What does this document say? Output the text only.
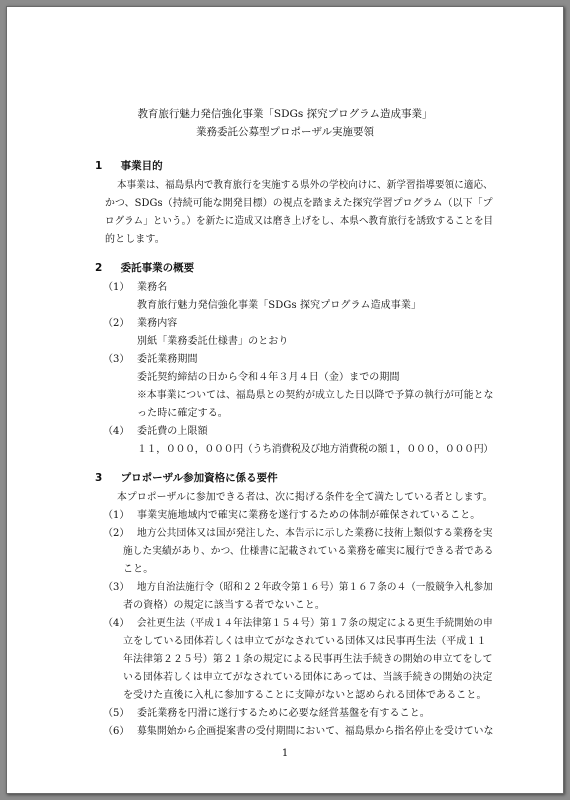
教育旅行魅力発信強化事業「SDGs 探究プログラム造成事業」
業務委託公募型プロポーザル実施要領
1 事業目的
本事業は、福島県内で教育旅行を実施する県外の学校向けに、新学習指導要領に適応、
かつ、SDGs（持続可能な開発目標）の視点を踏まえた探究学習プログラム（以下「プ
ログラム」という。）を新たに造成又は磨き上げをし、本県へ教育旅行を誘致することを目
的とします。
2 委託事業の概要
（1） 業務名
教育旅行魅力発信強化事業「SDGs 探究プログラム造成事業」
（2） 業務内容
別紙「業務委託仕様書」のとおり
（3） 委託業務期間
委託契約締結の日から令和４年３月４日（金）までの期間
※本事業については、福島県との契約が成立した日以降で予算の執行が可能とな
った時に確定する。
（4） 委託費の上限額
１１，０００，０００円（うち消費税及び地方消費税の額１，０００，０００円）
3 プロポーザル参加資格に係る要件
本プロポーザルに参加できる者は、次に掲げる条件を全て満たしている者とします。
（1） 事業実施地域内で確実に業務を遂行するための体制が確保されていること。
（2） 地方公共団体又は国が発注した、本告示に示した業務に技術上類似する業務を実
施した実績があり、かつ、仕様書に記載されている業務を確実に履行できる者である
こと。
（3） 地方自治法施行令（昭和２２年政令第１６号）第１６７条の４（一般競争入札参加
者の資格）の規定に該当する者でないこと。
（4） 会社更生法（平成１４年法律第１５４号）第１７条の規定による更生手続開始の申
立をしている団体若しくは申立てがなされている団体又は民事再生法（平成１１
年法律第２２５号）第２１条の規定による民事再生法手続きの開始の申立てをして
いる団体若しくは申立てがなされている団体にあっては、当該手続きの開始の決定
を受けた直後に入札に参加することに支障がないと認められる団体であること。
（5） 委託業務を円滑に遂行するために必要な経営基盤を有すること。
（6） 募集開始から企画提案書の受付期間において、福島県から指名停止を受けていな
1
